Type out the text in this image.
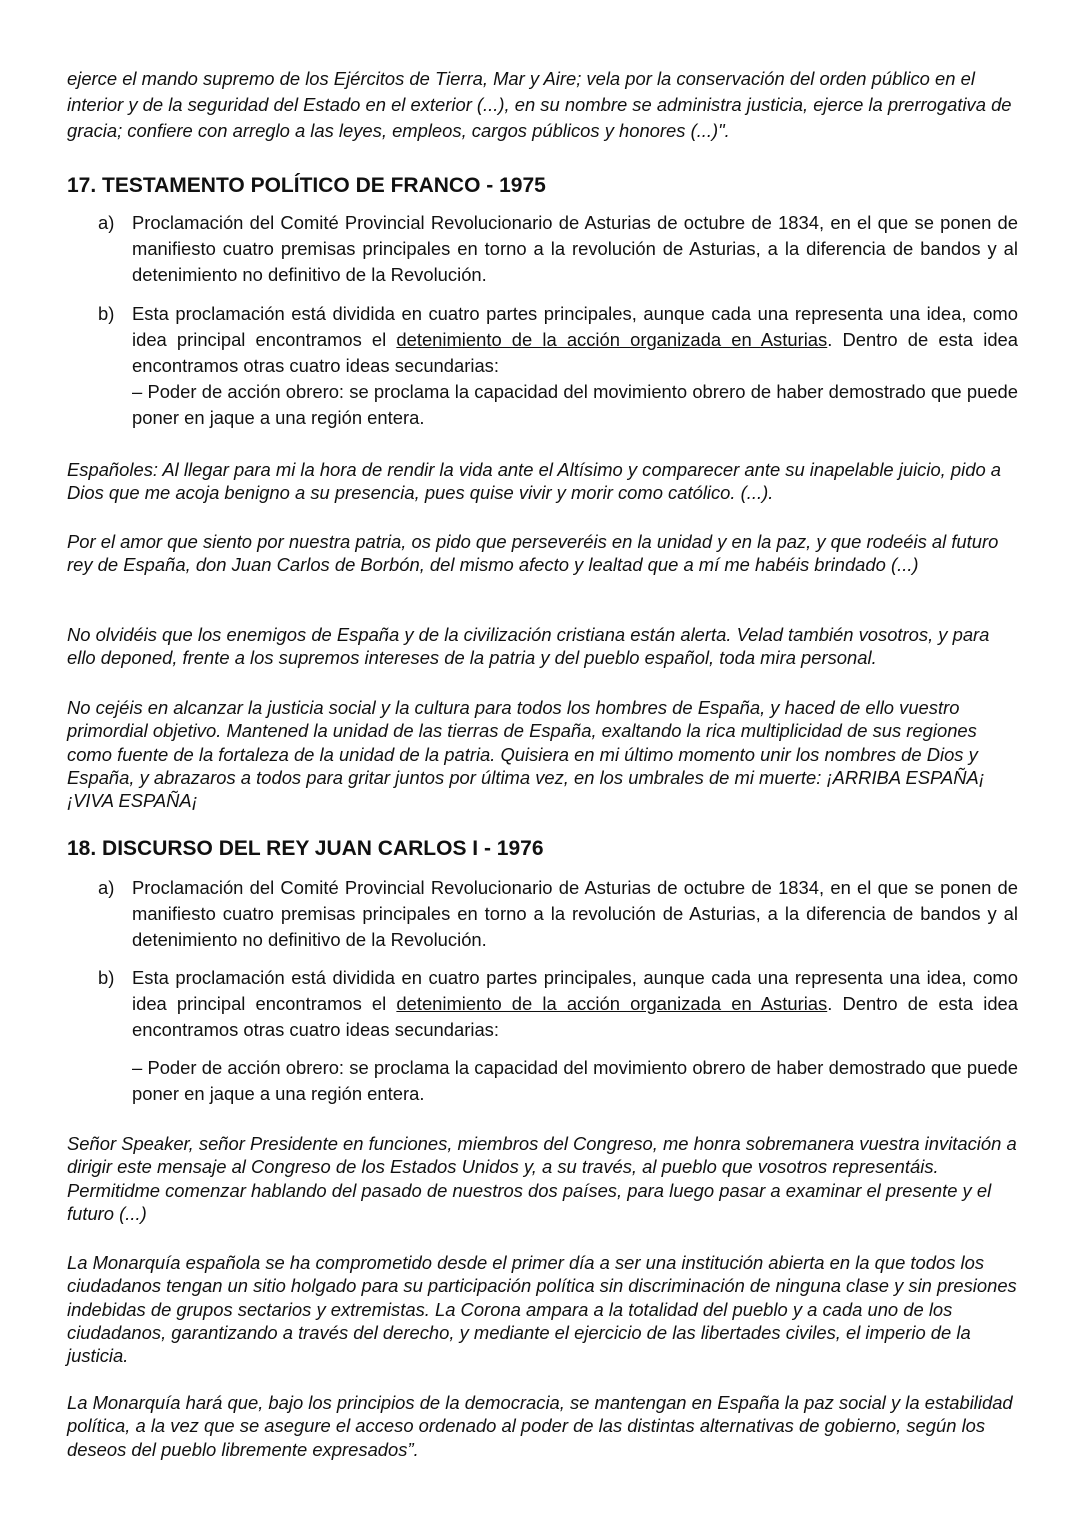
ejerce el mando supremo de los Ejércitos de Tierra, Mar y Aire; vela por la conservación del orden público en el interior y de la seguridad del Estado en el exterior (...), en su nombre se administra justicia, ejerce la prerrogativa de gracia; confiere con arreglo a las leyes, empleos, cargos públicos y honores (...)".

17. TESTAMENTO POLÍTICO DE FRANCO - 1975
a) Proclamación del Comité Provincial Revolucionario de Asturias de octubre de 1834, en el que se ponen de manifiesto cuatro premisas principales en torno a la revolución de Asturias, a la diferencia de bandos y al detenimiento no definitivo de la Revolución.
b) Esta proclamación está dividida en cuatro partes principales, aunque cada una representa una idea, como idea principal encontramos el detenimiento de la acción organizada en Asturias. Dentro de esta idea encontramos otras cuatro ideas secundarias:
– Poder de acción obrero: se proclama la capacidad del movimiento obrero de haber demostrado que puede poner en jaque a una región entera.

Españoles: Al llegar para mi la hora de rendir la vida ante el Altísimo y comparecer ante su inapelable juicio, pido a Dios que me acoja benigno a su presencia, pues quise vivir y morir como católico. (...).

Por el amor que siento por nuestra patria, os pido que perseveréis en la unidad y en la paz, y que rodeéis al futuro rey de España, don Juan Carlos de Borbón, del mismo afecto y lealtad que a mí me habéis brindado (...)

No olvidéis que los enemigos de España y de la civilización cristiana están alerta. Velad también vosotros, y para ello deponed, frente a los supremos intereses de la patria y del pueblo español, toda mira personal.

No cejéis en alcanzar la justicia social y la cultura para todos los hombres de España, y haced de ello vuestro primordial objetivo. Mantened la unidad de las tierras de España, exaltando la rica multiplicidad de sus regiones como fuente de la fortaleza de la unidad de la patria. Quisiera en mi último momento unir los nombres de Dios y España, y abrazaros a todos para gritar juntos por última vez, en los umbrales de mi muerte: ¡ARRIBA ESPAÑA¡ ¡VIVA ESPAÑA¡

18. DISCURSO DEL REY JUAN CARLOS I - 1976
a) Proclamación del Comité Provincial Revolucionario de Asturias de octubre de 1834, en el que se ponen de manifiesto cuatro premisas principales en torno a la revolución de Asturias, a la diferencia de bandos y al detenimiento no definitivo de la Revolución.
b) Esta proclamación está dividida en cuatro partes principales, aunque cada una representa una idea, como idea principal encontramos el detenimiento de la acción organizada en Asturias. Dentro de esta idea encontramos otras cuatro ideas secundarias:
– Poder de acción obrero: se proclama la capacidad del movimiento obrero de haber demostrado que puede poner en jaque a una región entera.

Señor Speaker, señor Presidente en funciones, miembros del Congreso, me honra sobremanera vuestra invitación a dirigir este mensaje al Congreso de los Estados Unidos y, a su través, al pueblo que vosotros representáis. Permitidme comenzar hablando del pasado de nuestros dos países, para luego pasar a examinar el presente y el futuro (...)

La Monarquía española se ha comprometido desde el primer día a ser una institución abierta en la que todos los ciudadanos tengan un sitio holgado para su participación política sin discriminación de ninguna clase y sin presiones indebidas de grupos sectarios y extremistas. La Corona ampara a la totalidad del pueblo y a cada uno de los ciudadanos, garantizando a través del derecho, y mediante el ejercicio de las libertades civiles, el imperio de la justicia.

La Monarquía hará que, bajo los principios de la democracia, se mantengan en España la paz social y la estabilidad política, a la vez que se asegure el acceso ordenado al poder de las distintas alternativas de gobierno, según los deseos del pueblo libremente expresados”.
